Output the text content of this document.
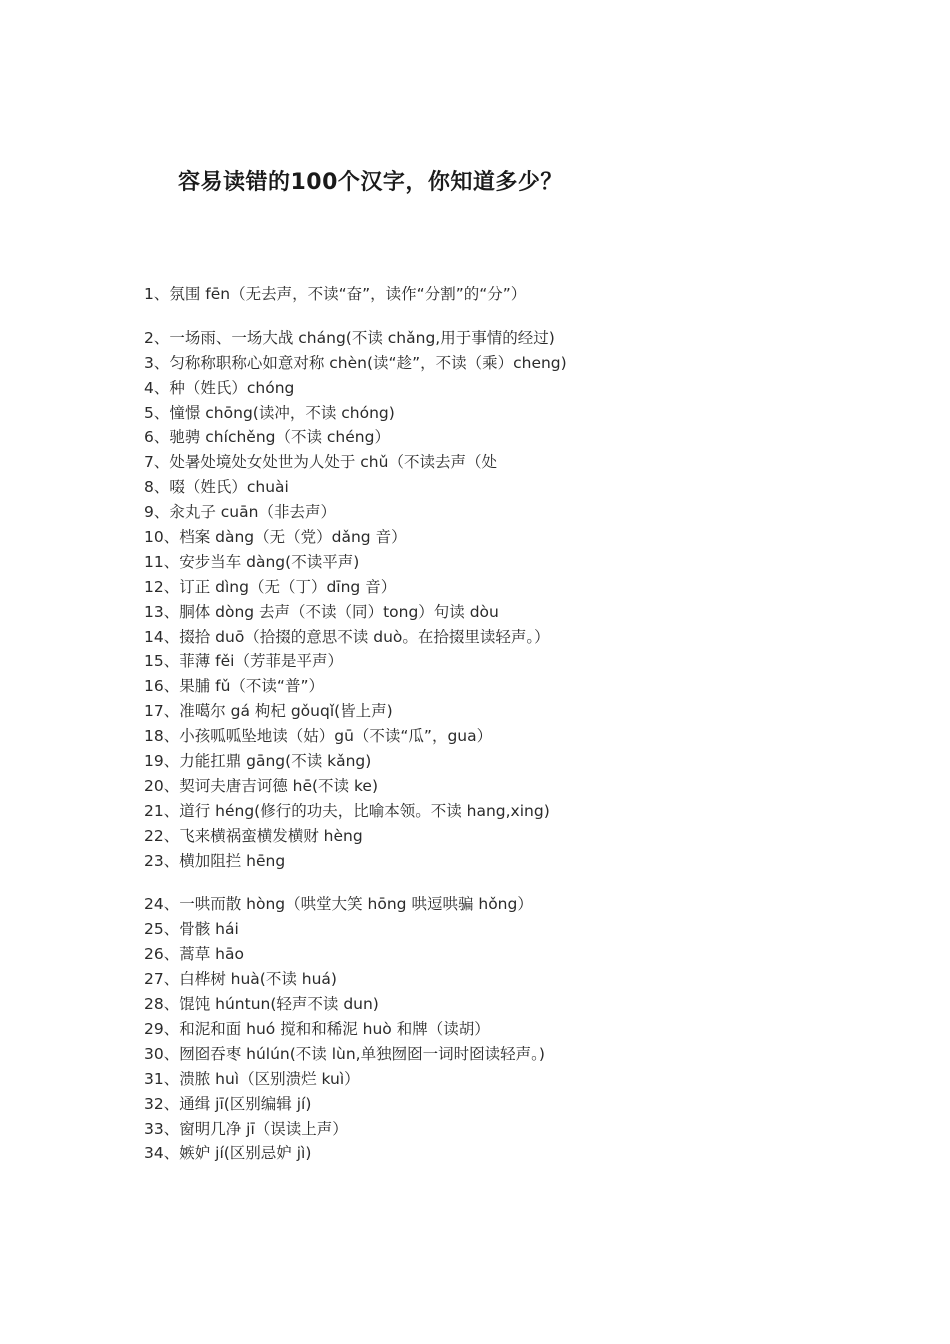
容易读错的100个汉字，你知道多少？
1、氛围 fēn（无去声，不读“奋”，读作“分割”的“分”）
2、一场雨、一场大战 cháng(不读 chǎng,用于事情的经过)
3、匀称称职称心如意对称 chèn(读“趁”，不读（乘）cheng)
4、种（姓氏）chóng
5、憧憬 chōng(读冲，不读 chóng)
6、驰骋 chíchěng（不读 chéng）
7、处暑处境处女处世为人处于 chǔ（不读去声（处
8、啜（姓氏）chuài
9、汆丸子 cuān（非去声）
10、档案 dàng（无（党）dǎng 音）
11、安步当车 dàng(不读平声)
12、订正 dìng（无（丁）dīng 音）
13、胴体 dòng 去声（不读（同）tong）句读 dòu
14、掇拾 duō（拾掇的意思不读 duò。在拾掇里读轻声。）
15、菲薄 fěi（芳菲是平声）
16、果脯 fǔ（不读“普”）
17、准噶尔 gá 枸杞 gǒuqǐ(皆上声)
18、小孩呱呱坠地读（姑）gū（不读“瓜”，gua）
19、力能扛鼎 gāng(不读 kǎng)
20、契诃夫唐吉诃德 hē(不读 ke)
21、道行 héng(修行的功夫，比喻本领。不读 hang,xing)
22、飞来横祸蛮横发横财 hèng
23、横加阻拦 hēng
24、一哄而散 hòng（哄堂大笑 hōng 哄逗哄骗 hǒng）
25、骨骸 hái
26、蒿草 hāo
27、白桦树 huà(不读 huá)
28、馄饨 húntun(轻声不读 dun)
29、和泥和面 huó 搅和和稀泥 huò 和牌（读胡）
30、囫囵吞枣 húlún(不读 lùn,单独囫囵一词时囵读轻声。)
31、溃脓 huì（区别溃烂 kuì）
32、通缉 jī(区别编辑 jí)
33、窗明几净 jī（误读上声）
34、嫉妒 jí(区别忌妒 jì)
